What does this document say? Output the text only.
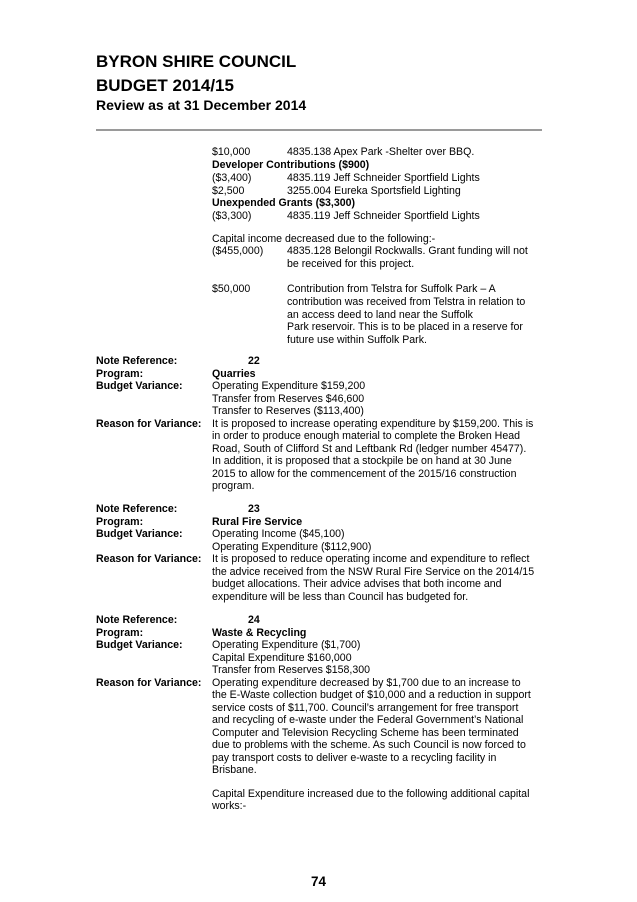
BYRON SHIRE COUNCIL
BUDGET 2014/15
Review as at 31 December 2014
$10,000	4835.138 Apex Park -Shelter over BBQ.
Developer Contributions ($900)
($3,400)	4835.119 Jeff Schneider Sportfield Lights
$2,500	3255.004 Eureka Sportsfield Lighting
Unexpended Grants ($3,300)
($3,300)	4835.119 Jeff Schneider Sportfield Lights
Capital income decreased due to the following:-
($455,000) 4835.128 Belongil Rockwalls. Grant funding will not
be received for this project.
$50,000	Contribution from Telstra for Suffolk Park – A
contribution was received from Telstra in relation to
an access deed to land near the Suffolk
Park reservoir. This is to be placed in a reserve for
future use within Suffolk Park.
Note Reference:	22
Program:	Quarries
Budget Variance:	Operating Expenditure $159,200
Transfer from Reserves $46,600
Transfer to Reserves ($113,400)
Reason for Variance: It is proposed to increase operating expenditure by $159,200. This is
in order to produce enough material to complete the Broken Head
Road, South of Clifford St and Leftbank Rd (ledger number 45477).
In addition, it is proposed that a stockpile be on hand at 30 June
2015 to allow for the commencement of the 2015/16 construction
program.
Note Reference:	23
Program:	Rural Fire Service
Budget Variance:	Operating Income ($45,100)
Operating Expenditure ($112,900)
Reason for Variance: It is proposed to reduce operating income and expenditure to reflect
the advice received from the NSW Rural Fire Service on the 2014/15
budget allocations. Their advice advises that both income and
expenditure will be less than Council has budgeted for.
Note Reference:	24
Program:	Waste & Recycling
Budget Variance:	Operating Expenditure ($1,700)
Capital Expenditure $160,000
Transfer from Reserves $158,300
Reason for Variance: Operating expenditure decreased by $1,700 due to an increase to
the E-Waste collection budget of $10,000 and a reduction in support
service costs of $11,700. Council’s arrangement for free transport
and recycling of e-waste under the Federal Government’s National
Computer and Television Recycling Scheme has been terminated
due to problems with the scheme. As such Council is now forced to
pay transport costs to deliver e-waste to a recycling facility in
Brisbane.
Capital Expenditure increased due to the following additional capital
works:-
74
